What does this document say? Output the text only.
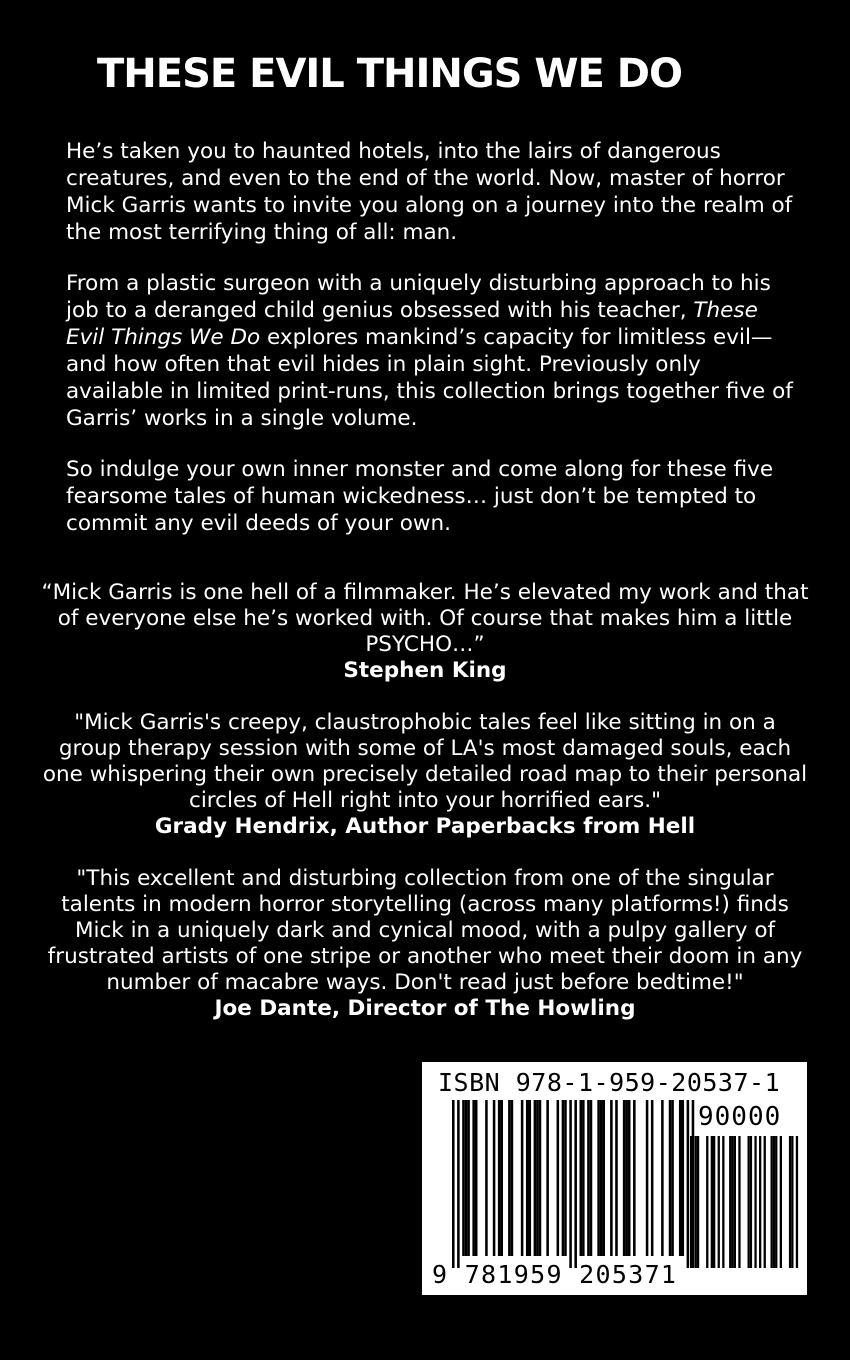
THESE EVIL THINGS WE DO

He’s taken you to haunted hotels, into the lairs of dangerous creatures, and even to the end of the world. Now, master of horror Mick Garris wants to invite you along on a journey into the realm of the most terrifying thing of all: man.

From a plastic surgeon with a uniquely disturbing approach to his job to a deranged child genius obsessed with his teacher, These Evil Things We Do explores mankind’s capacity for limitless evil—and how often that evil hides in plain sight. Previously only available in limited print-runs, this collection brings together five of Garris’ works in a single volume.

So indulge your own inner monster and come along for these five fearsome tales of human wickedness… just don’t be tempted to commit any evil deeds of your own.

“Mick Garris is one hell of a filmmaker. He’s elevated my work and that of everyone else he’s worked with. Of course that makes him a little PSYCHO…”
Stephen King
"Mick Garris's creepy, claustrophobic tales feel like sitting in on a group therapy session with some of LA's most damaged souls, each one whispering their own precisely detailed road map to their personal circles of Hell right into your horrified ears."
Grady Hendrix, Author Paperbacks from Hell
"This excellent and disturbing collection from one of the singular talents in modern horror storytelling (across many platforms!) finds Mick in a uniquely dark and cynical mood, with a pulpy gallery of frustrated artists of one stripe or another who meet their doom in any number of macabre ways. Don't read just before bedtime!"
Joe Dante, Director of The Howling
ISBN 978-1-959-20537-1
90000
9 781959 205371
